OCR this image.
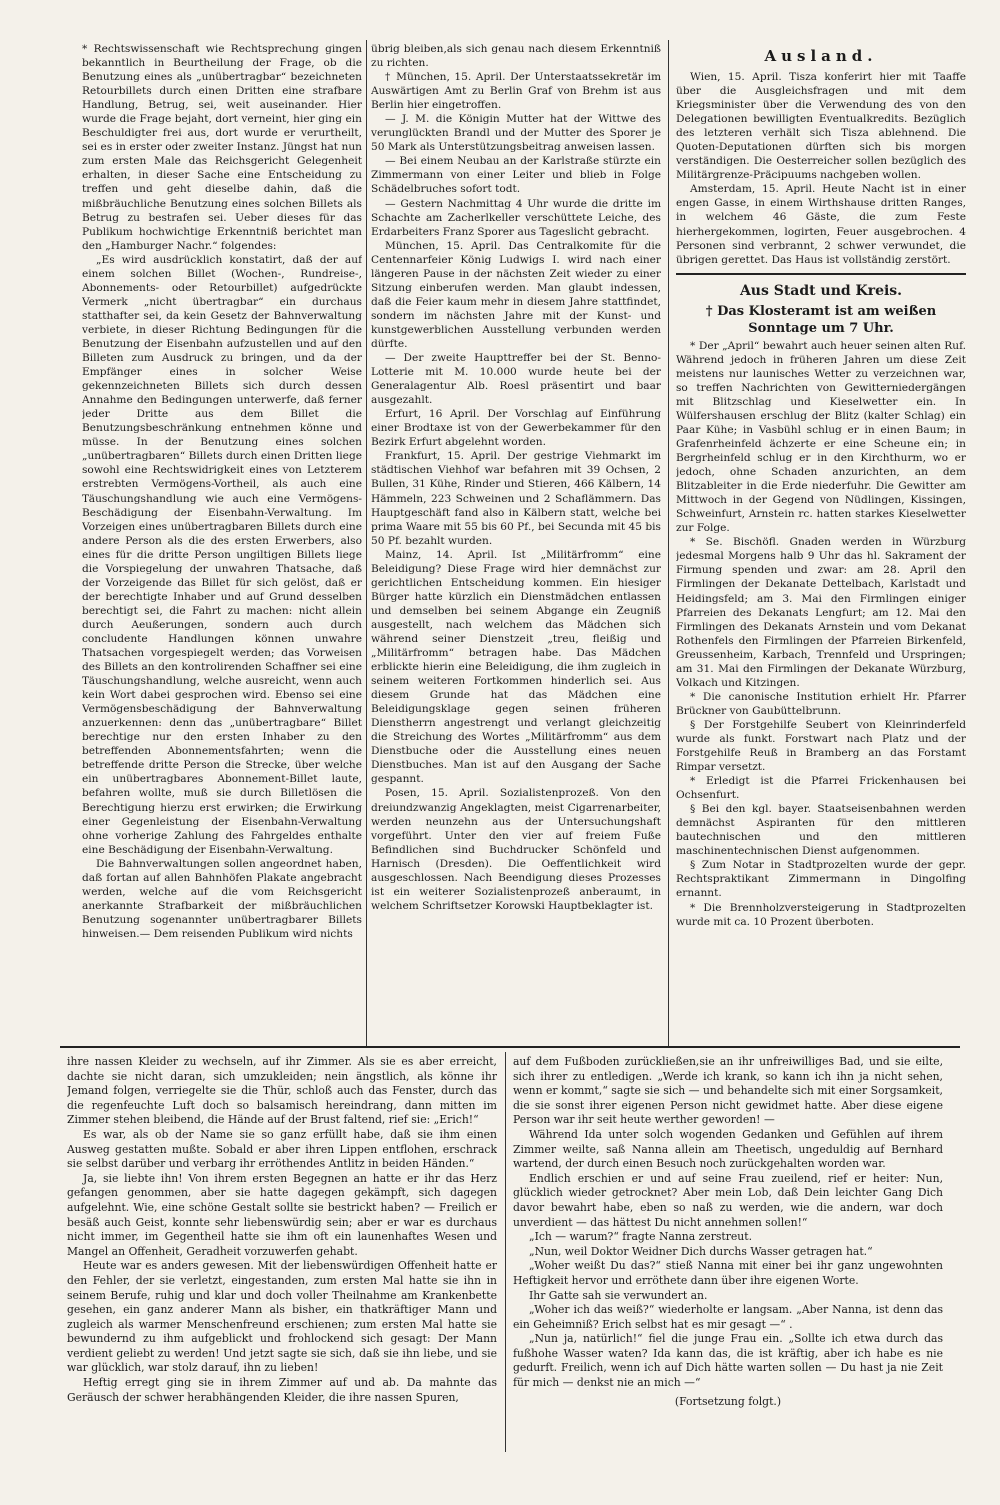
* Rechtswissenschaft wie Rechtsprechung gingen bekanntlich in Beurtheilung der Frage, ob die Benutzung eines als „unübertragbar“ bezeichneten Retourbillets durch einen Dritten eine strafbare Handlung, Betrug, sei, weit auseinander. Hier wurde die Frage bejaht, dort verneint, hier ging ein Beschuldigter frei aus, dort wurde er verurtheilt, sei es in erster oder zweiter Instanz. Jüngst hat nun zum ersten Male das Reichsgericht Gelegenheit erhalten, in dieser Sache eine Entscheidung zu treffen und geht dieselbe dahin, daß die mißbräuchliche Benutzung eines solchen Billets als Betrug zu bestrafen sei. Ueber dieses für das Publikum hochwichtige Erkenntniß berichtet man den „Hamburger Nachr.“ folgendes:

„Es wird ausdrücklich konstatirt, daß der auf einem solchen Billet (Wochen-, Rundreise-, Abonnements- oder Retourbillet) aufgedrückte Vermerk „nicht übertragbar“ ein durchaus statthafter sei, da kein Gesetz der Bahnverwaltung verbiete, in dieser Richtung Bedingungen für die Benutzung der Eisenbahn aufzustellen und auf den Billeten zum Ausdruck zu bringen, und da der Empfänger eines in solcher Weise gekennzeichneten Billets sich durch dessen Annahme den Bedingungen unterwerfe, daß ferner jeder Dritte aus dem Billet die Benutzungsbeschränkung entnehmen könne und müsse. In der Benutzung eines solchen „unübertragbaren“ Billets durch einen Dritten liege sowohl eine Rechtswidrigkeit eines von Letzterem erstrebten Vermögens-Vortheil, als auch eine Täuschungshandlung wie auch eine Vermögens-Beschädigung der Eisenbahn-Verwaltung. Im Vorzeigen eines unübertragbaren Billets durch eine andere Person als die des ersten Erwerbers, also eines für die dritte Person ungiltigen Billets liege die Vorspiegelung der unwahren Thatsache, daß der Vorzeigende das Billet für sich gelöst, daß er der berechtigte Inhaber und auf Grund desselben berechtigt sei, die Fahrt zu machen: nicht allein durch Aeußerungen, sondern auch durch concludente Handlungen können unwahre Thatsachen vorgespiegelt werden; das Vorweisen des Billets an den kontrolirenden Schaffner sei eine Täuschungshandlung, welche ausreicht, wenn auch kein Wort dabei gesprochen wird. Ebenso sei eine Vermögensbeschädigung der Bahnverwaltung anzuerkennen: denn das „unübertragbare“ Billet berechtige nur den ersten Inhaber zu den betreffenden Abonnementsfahrten; wenn die betreffende dritte Person die Strecke, über welche ein unübertragbares Abonnement-Billet laute, befahren wollte, muß sie durch Billetlösen die Berechtigung hierzu erst erwirken; die Erwirkung einer Gegenleistung der Eisenbahn-Verwaltung ohne vorherige Zahlung des Fahrgeldes enthalte eine Beschädigung der Eisenbahn-Verwaltung.

Die Bahnverwaltungen sollen angeordnet haben, daß fortan auf allen Bahnhöfen Plakate angebracht werden, welche auf die vom Reichsgericht anerkannte Strafbarkeit der mißbräuchlichen Benutzung sogenannter unübertragbarer Billets hinweisen.— Dem reisenden Publikum wird nichts

übrig bleiben,als sich genau nach diesem Erkenntniß zu richten.

† München, 15. April. Der Unterstaatssekretär im Auswärtigen Amt zu Berlin Graf von Brehm ist aus Berlin hier eingetroffen.

— J. M. die Königin Mutter hat der Wittwe des verunglückten Brandl und der Mutter des Sporer je 50 Mark als Unterstützungsbeitrag anweisen lassen.

— Bei einem Neubau an der Karlstraße stürzte ein Zimmermann von einer Leiter und blieb in Folge Schädelbruches sofort todt.

— Gestern Nachmittag 4 Uhr wurde die dritte im Schachte am Zacherlkeller verschüttete Leiche, des Erdarbeiters Franz Sporer aus Tageslicht gebracht.

München, 15. April. Das Centralkomite für die Centennarfeier König Ludwigs I. wird nach einer längeren Pause in der nächsten Zeit wieder zu einer Sitzung einberufen werden. Man glaubt indessen, daß die Feier kaum mehr in diesem Jahre stattfindet, sondern im nächsten Jahre mit der Kunst- und kunstgewerblichen Ausstellung verbunden werden dürfte.

— Der zweite Haupttreffer bei der St. Benno-Lotterie mit M. 10.000 wurde heute bei der Generalagentur Alb. Roesl präsentirt und baar ausgezahlt.

Erfurt, 16 April. Der Vorschlag auf Einführung einer Brodtaxe ist von der Gewerbekammer für den Bezirk Erfurt abgelehnt worden.

Frankfurt, 15. April. Der gestrige Viehmarkt im städtischen Viehhof war befahren mit 39 Ochsen, 2 Bullen, 31 Kühe, Rinder und Stieren, 466 Kälbern, 14 Hämmeln, 223 Schweinen und 2 Schaflämmern. Das Hauptgeschäft fand also in Kälbern statt, welche bei prima Waare mit 55 bis 60 Pf., bei Secunda mit 45 bis 50 Pf. bezahlt wurden.

Mainz, 14. April. Ist „Militärfromm“ eine Beleidigung? Diese Frage wird hier demnächst zur gerichtlichen Entscheidung kommen. Ein hiesiger Bürger hatte kürzlich ein Dienstmädchen entlassen und demselben bei seinem Abgange ein Zeugniß ausgestellt, nach welchem das Mädchen sich während seiner Dienstzeit „treu, fleißig und „Militärfromm“ betragen habe. Das Mädchen erblickte hierin eine Beleidigung, die ihm zugleich in seinem weiteren Fortkommen hinderlich sei. Aus diesem Grunde hat das Mädchen eine Beleidigungsklage gegen seinen früheren Dienstherrn angestrengt und verlangt gleichzeitig die Streichung des Wortes „Militärfromm“ aus dem Dienstbuche oder die Ausstellung eines neuen Dienstbuches. Man ist auf den Ausgang der Sache gespannt.

Posen, 15. April. Sozialistenprozeß. Von den dreiundzwanzig Angeklagten, meist Cigarrenarbeiter, werden neunzehn aus der Untersuchungshaft vorgeführt. Unter den vier auf freiem Fuße Befindlichen sind Buchdrucker Schönfeld und Harnisch (Dresden). Die Oeffentlichkeit wird ausgeschlossen. Nach Beendigung dieses Prozesses ist ein weiterer Sozialistenprozeß anberaumt, in welchem Schriftsetzer Korowski Hauptbeklagter ist.

Ausland.

Wien, 15. April. Tisza konferirt hier mit Taaffe über die Ausgleichsfragen und mit dem Kriegsminister über die Verwendung des von den Delegationen bewilligten Eventualkredits. Bezüglich des letzteren verhält sich Tisza ablehnend. Die Quoten-Deputationen dürften sich bis morgen verständigen. Die Oesterreicher sollen bezüglich des Militärgrenze-Präcipuums nachgeben wollen.

Amsterdam, 15. April. Heute Nacht ist in einer engen Gasse, in einem Wirthshause dritten Ranges, in welchem 46 Gäste, die zum Feste hierhergekommen, logirten, Feuer ausgebrochen. 4 Personen sind verbrannt, 2 schwer verwundet, die übrigen gerettet. Das Haus ist vollständig zerstört.

Aus Stadt und Kreis.
† Das Klosteramt ist am weißen Sonntage um 7 Uhr.

* Der „April“ bewahrt auch heuer seinen alten Ruf. Während jedoch in früheren Jahren um diese Zeit meistens nur launisches Wetter zu verzeichnen war, so treffen Nachrichten von Gewitterniedergängen mit Blitzschlag und Kieselwetter ein. In Wülfershausen erschlug der Blitz (kalter Schlag) ein Paar Kühe; in Vasbühl schlug er in einen Baum; in Grafenrheinfeld ächzerte er eine Scheune ein; in Bergrheinfeld schlug er in den Kirchthurm, wo er jedoch, ohne Schaden anzurichten, an dem Blitzableiter in die Erde niederfuhr. Die Gewitter am Mittwoch in der Gegend von Nüdlingen, Kissingen, Schweinfurt, Arnstein rc. hatten starkes Kieselwetter zur Folge.

* Se. Bischöfl. Gnaden werden in Würzburg jedesmal Morgens halb 9 Uhr das hl. Sakrament der Firmung spenden und zwar: am 28. April den Firmlingen der Dekanate Dettelbach, Karlstadt und Heidingsfeld; am 3. Mai den Firmlingen einiger Pfarreien des Dekanats Lengfurt; am 12. Mai den Firmlingen des Dekanats Arnstein und vom Dekanat Rothenfels den Firmlingen der Pfarreien Birkenfeld, Greussenheim, Karbach, Trennfeld und Urspringen; am 31. Mai den Firmlingen der Dekanate Würzburg, Volkach und Kitzingen.

* Die canonische Institution erhielt Hr. Pfarrer Brückner von Gaubüttelbrunn.

§ Der Forstgehilfe Seubert von Kleinrinderfeld wurde als funkt. Forstwart nach Platz und der Forstgehilfe Reuß in Bramberg an das Forstamt Rimpar versetzt.

* Erledigt ist die Pfarrei Frickenhausen bei Ochsenfurt.

§ Bei den kgl. bayer. Staatseisenbahnen werden demnächst Aspiranten für den mittleren bautechnischen und den mittleren maschinentechnischen Dienst aufgenommen.

§ Zum Notar in Stadtprozelten wurde der gepr. Rechtspraktikant Zimmermann in Dingolfing ernannt.

* Die Brennholzversteigerung in Stadtprozelten wurde mit ca. 10 Prozent überboten.

ihre nassen Kleider zu wechseln, auf ihr Zimmer. Als sie es aber erreicht, dachte sie nicht daran, sich umzukleiden; nein ängstlich, als könne ihr Jemand folgen, verriegelte sie die Thür, schloß auch das Fenster, durch das die regenfeuchte Luft doch so balsamisch hereindrang, dann mitten im Zimmer stehen bleibend, die Hände auf der Brust faltend, rief sie: „Erich!“

Es war, als ob der Name sie so ganz erfüllt habe, daß sie ihm einen Ausweg gestatten mußte. Sobald er aber ihren Lippen entflohen, erschrack sie selbst darüber und verbarg ihr erröthendes Antlitz in beiden Händen.“

Ja, sie liebte ihn! Von ihrem ersten Begegnen an hatte er ihr das Herz gefangen genommen, aber sie hatte dagegen gekämpft, sich dagegen aufgelehnt. Wie, eine schöne Gestalt sollte sie bestrickt haben? — Freilich er besäß auch Geist, konnte sehr liebenswürdig sein; aber er war es durchaus nicht immer, im Gegentheil hatte sie ihm oft ein launenhaftes Wesen und Mangel an Offenheit, Geradheit vorzuwerfen gehabt.

Heute war es anders gewesen. Mit der liebenswürdigen Offenheit hatte er den Fehler, der sie verletzt, eingestanden, zum ersten Mal hatte sie ihn in seinem Berufe, ruhig und klar und doch voller Theilnahme am Krankenbette gesehen, ein ganz anderer Mann als bisher, ein thatkräftiger Mann und zugleich als warmer Menschenfreund erschienen; zum ersten Mal hatte sie bewundernd zu ihm aufgeblickt und frohlockend sich gesagt: Der Mann verdient geliebt zu werden! Und jetzt sagte sie sich, daß sie ihn liebe, und sie war glücklich, war stolz darauf, ihn zu lieben!

Heftig erregt ging sie in ihrem Zimmer auf und ab. Da mahnte das Geräusch der schwer herabhängenden Kleider, die ihre nassen Spuren,

auf dem Fußboden zurückließen,sie an ihr unfreiwilliges Bad, und sie eilte, sich ihrer zu entledigen. „Werde ich krank, so kann ich ihn ja nicht sehen, wenn er kommt,“ sagte sie sich — und behandelte sich mit einer Sorgsamkeit, die sie sonst ihrer eigenen Person nicht gewidmet hatte. Aber diese eigene Person war ihr seit heute werther geworden! —

Während Ida unter solch wogenden Gedanken und Gefühlen auf ihrem Zimmer weilte, saß Nanna allein am Theetisch, ungeduldig auf Bernhard wartend, der durch einen Besuch noch zurückgehalten worden war.

Endlich erschien er und auf seine Frau zueilend, rief er heiter: Nun, glücklich wieder getrocknet? Aber mein Lob, daß Dein leichter Gang Dich davor bewahrt habe, eben so naß zu werden, wie die andern, war doch unverdient — das hättest Du nicht annehmen sollen!“

„Ich — warum?“ fragte Nanna zerstreut.

„Nun, weil Doktor Weidner Dich durchs Wasser getragen hat.“

„Woher weißt Du das?“ stieß Nanna mit einer bei ihr ganz ungewohnten Heftigkeit hervor und erröthete dann über ihre eigenen Worte.

Ihr Gatte sah sie verwundert an.

„Woher ich das weiß?“ wiederholte er langsam. „Aber Nanna, ist denn das ein Geheimniß? Erich selbst hat es mir gesagt —“ .

„Nun ja, natürlich!“ fiel die junge Frau ein. „Sollte ich etwa durch das fußhohe Wasser waten? Ida kann das, die ist kräftig, aber ich habe es nie gedurft. Freilich, wenn ich auf Dich hätte warten sollen — Du hast ja nie Zeit für mich — denkst nie an mich —“

(Fortsetzung folgt.)
